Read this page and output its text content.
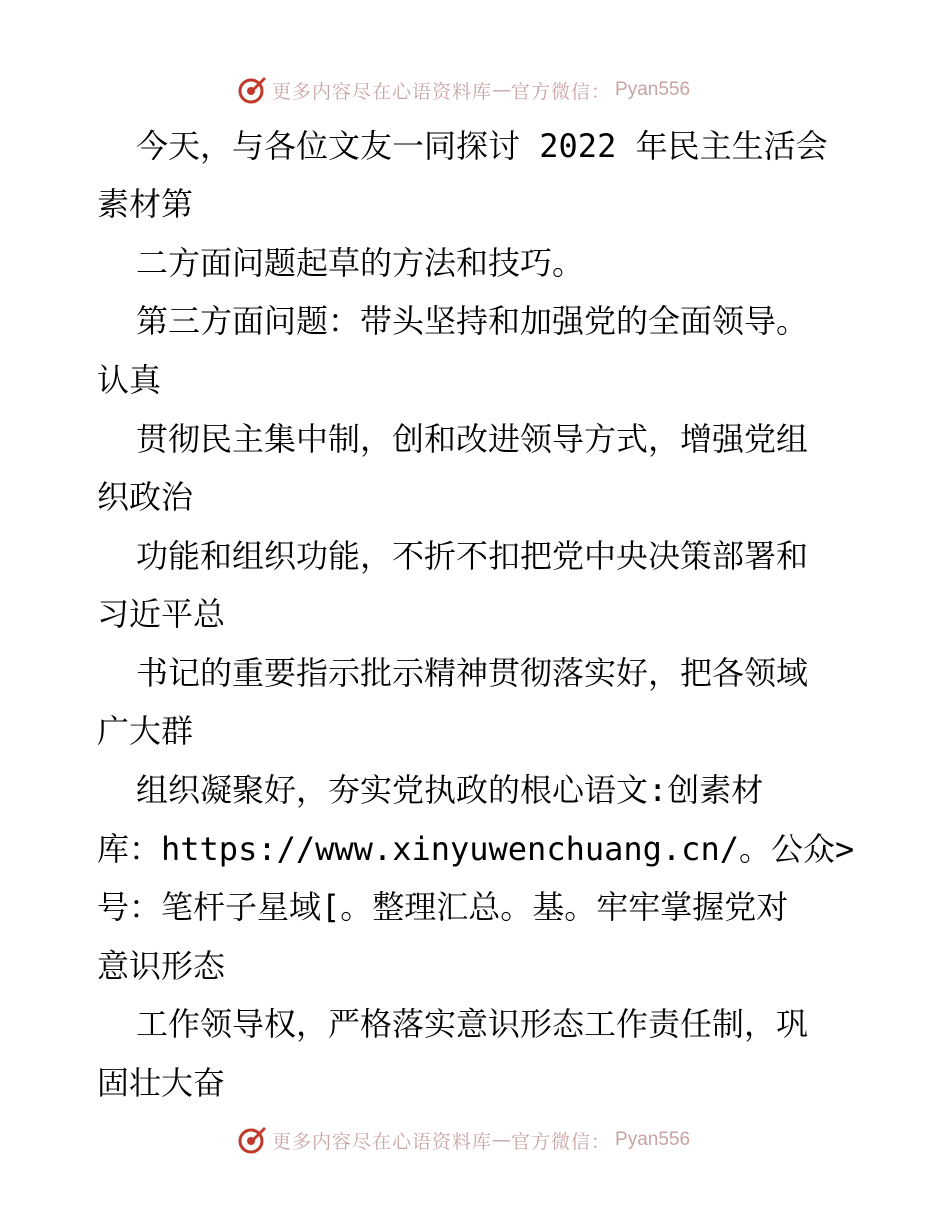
更多内容尽在心语资料库 — 官方微信： Pyan556
今天，与各位文友一同探讨 2022 年民主生活会
素材第
二方面问题起草的方法和技巧。
第三方面问题：带头坚持和加强党的全面领导。
认真
贯彻民主集中制，创和改进领导方式，增强党组
织政治
功能和组织功能，不折不扣把党中央决策部署和
习近平总
书记的重要指示批示精神贯彻落实好，把各领域
广大群
组织凝聚好，夯实党执政的根心语文:创素材
库：https://www.xinyuwenchuang.cn/。公众>
号：笔杆子星域[。整理汇总。基。牢牢掌握党对
意识形态
工作领导权，严格落实意识形态工作责任制，巩
固壮大奋
更多内容尽在心语资料库 — 官方微信： Pyan556
